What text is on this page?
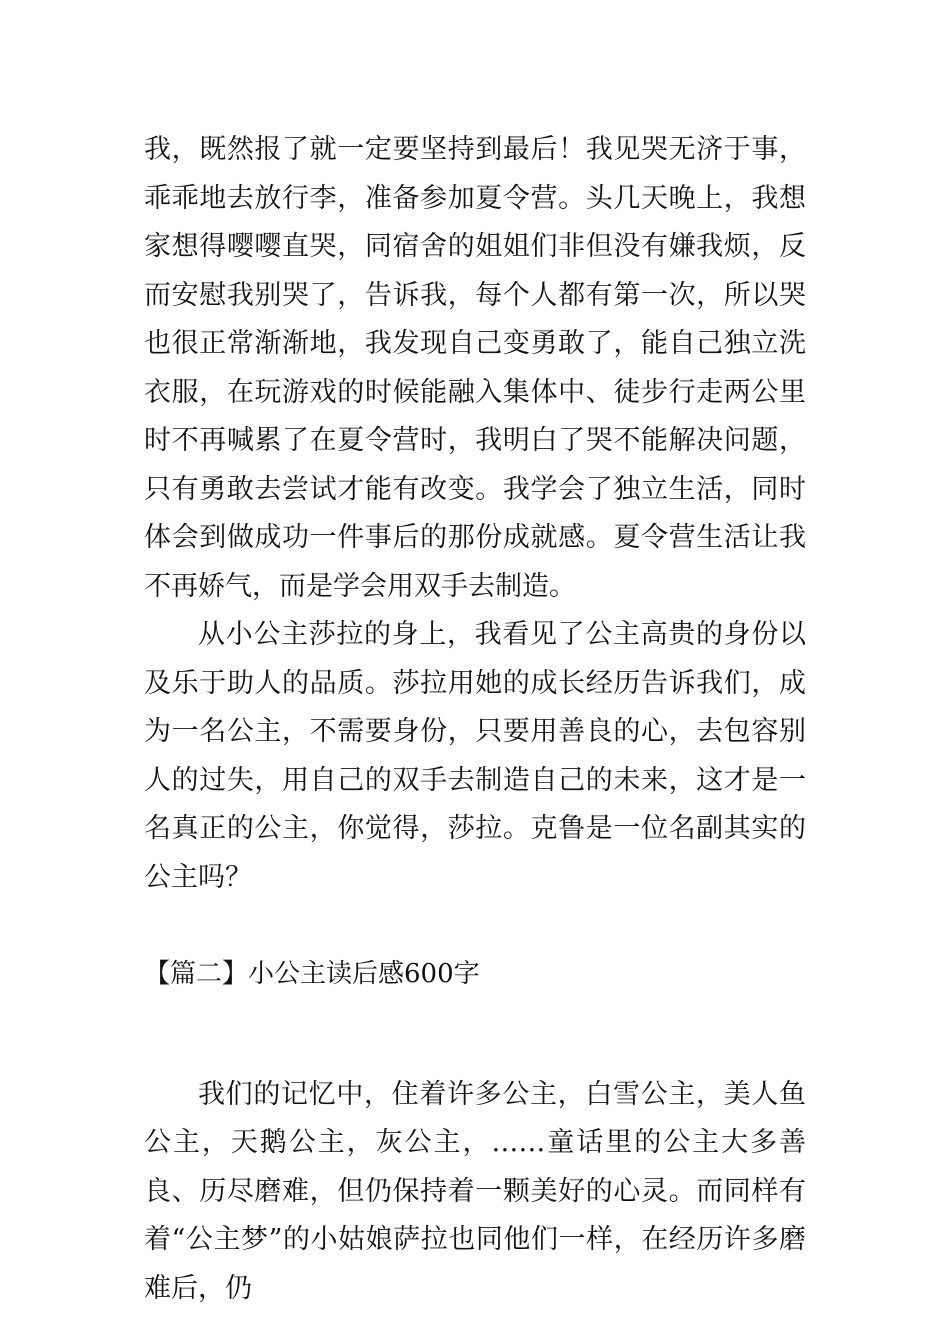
我，既然报了就一定要坚持到最后！我见哭无济于事，乖乖地去放行李，准备参加夏令营。头几天晚上，我想家想得嘤嘤直哭，同宿舍的姐姐们非但没有嫌我烦，反而安慰我别哭了，告诉我，每个人都有第一次，所以哭也很正常渐渐地，我发现自己变勇敢了，能自己独立洗衣服，在玩游戏的时候能融入集体中、徒步行走两公里时不再喊累了在夏令营时，我明白了哭不能解决问题，只有勇敢去尝试才能有改变。我学会了独立生活，同时体会到做成功一件事后的那份成就感。夏令营生活让我不再娇气，而是学会用双手去制造。

从小公主莎拉的身上，我看见了公主高贵的身份以及乐于助人的品质。莎拉用她的成长经历告诉我们，成为一名公主，不需要身份，只要用善良的心，去包容别人的过失，用自己的双手去制造自己的未来，这才是一名真正的公主，你觉得，莎拉。克鲁是一位名副其实的公主吗？

【篇二】小公主读后感600字

我们的记忆中，住着许多公主，白雪公主，美人鱼公主，天鹅公主，灰公主，……童话里的公主大多善良、历尽磨难，但仍保持着一颗美好的心灵。而同样有着“公主梦”的小姑娘萨拉也同他们一样，在经历许多磨难后，仍
